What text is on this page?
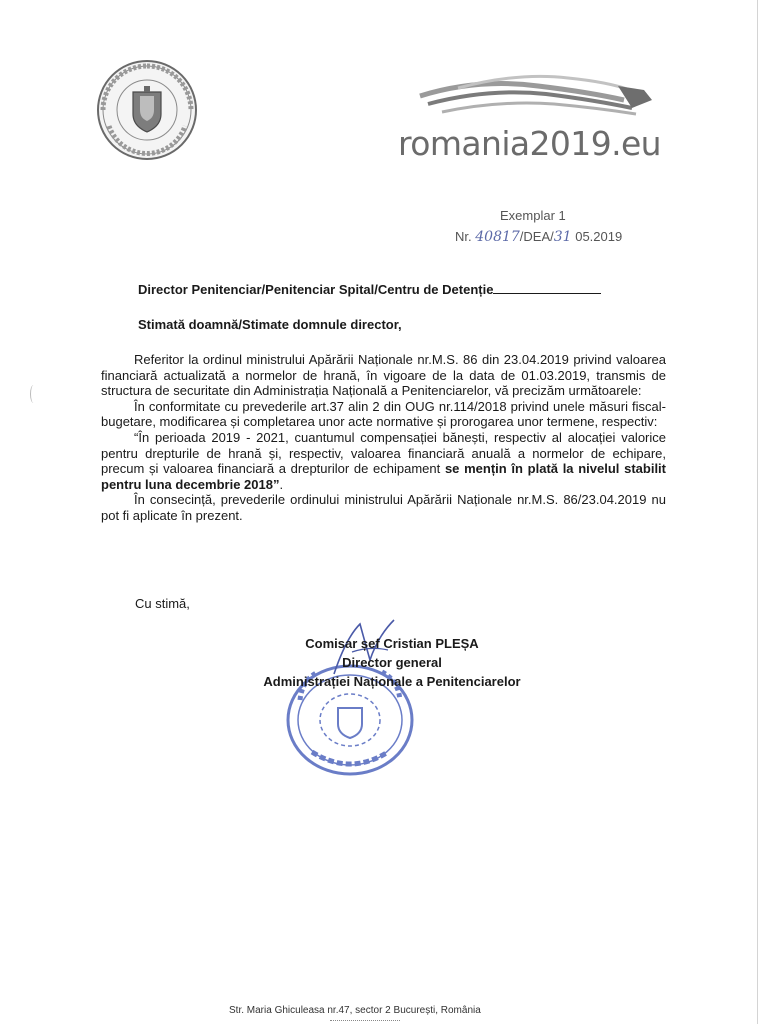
romania2019.eu
Exemplar 1
Nr. 40817/DEA/31 05.2019
Director Penitenciar/Penitenciar Spital/Centru de Detenție
Stimată doamnă/Stimate domnule director,

Referitor la ordinul ministrului Apărării Naționale nr.M.S. 86 din 23.04.2019 privind valoarea financiară actualizată a normelor de hrană, în vigoare de la data de 01.03.2019, transmis de structura de securitate din Administrația Națională a Penitenciarelor, vă precizăm următoarele:

În conformitate cu prevederile art.37 alin 2 din OUG nr.114/2018 privind unele măsuri fiscal-bugetare, modificarea și completarea unor acte normative și prorogarea unor termene, respectiv:

“În perioada 2019 - 2021, cuantumul compensației bănești, respectiv al alocației valorice pentru drepturile de hrană și, respectiv, valoarea financiară anuală a normelor de echipare, precum și valoarea financiară a drepturilor de echipament se mențin în plată la nivelul stabilit pentru luna decembrie 2018”.

În consecință, prevederile ordinului ministrului Apărării Naționale nr.M.S. 86/23.04.2019 nu pot fi aplicate în prezent.

Cu stimă,
Comisar șef Cristian PLEȘA
Director general
Administrației Naționale a Penitenciarelor
Str. Maria Ghiculeasa nr.47, sector 2 București, România
